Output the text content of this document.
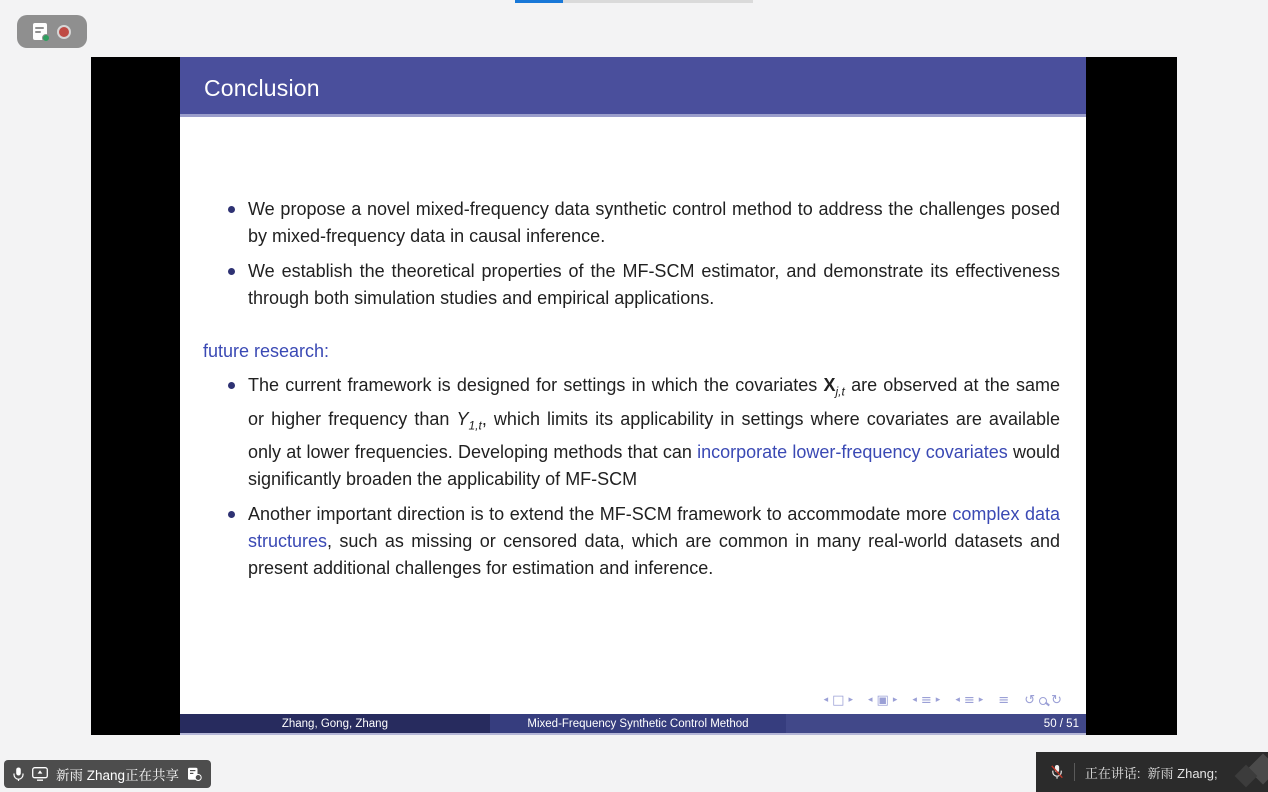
Conclusion
We propose a novel mixed-frequency data synthetic control method to address the challenges posed by mixed-frequency data in causal inference.
We establish the theoretical properties of the MF-SCM estimator, and demonstrate its effectiveness through both simulation studies and empirical applications.
future research:
The current framework is designed for settings in which the covariates $X_{j,t}$ are observed at the same or higher frequency than $Y_{1,t}$, which limits its applicability in settings where covariates are available only at lower frequencies. Developing methods that can incorporate lower-frequency covariates would significantly broaden the applicability of MF-SCM
Another important direction is to extend the MF-SCM framework to accommodate more complex data structures, such as missing or censored data, which are common in many real-world datasets and present additional challenges for estimation and inference.
◂ □ ▸ ◂ ▣ ▸ ◂ ≡ ▸ ◂ ≡ ▸ ≡ ↺ ↻
Zhang, Gong, Zhang	Mixed-Frequency Synthetic Control Method	50 / 51
新雨 Zhang正在共享	正在讲话: 新雨 Zhang;
